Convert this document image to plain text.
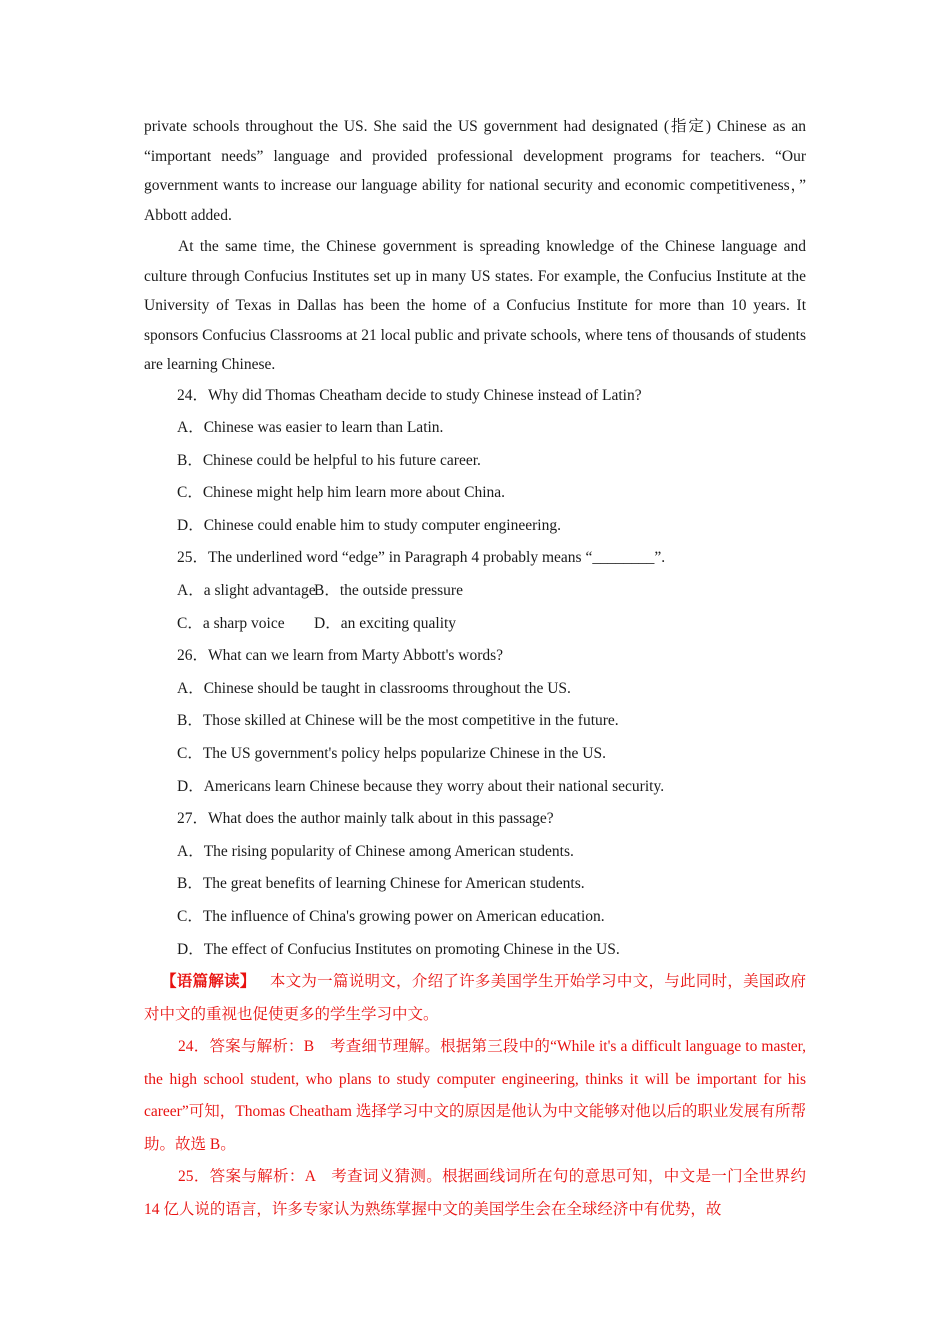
private schools throughout the US. She said the US government had designated (指定) Chinese as an “important needs” language and provided professional development programs for teachers. “Our government wants to increase our language ability for national security and economic competitiveness，” Abbott added.

At the same time, the Chinese government is spreading knowledge of the Chinese language and culture through Confucius Institutes set up in many US states. For example, the Confucius Institute at the University of Texas in Dallas has been the home of a Confucius Institute for more than 10 years. It sponsors Confucius Classrooms at 21 local public and private schools, where tens of thousands of students are learning Chinese.

24．Why did Thomas Cheatham decide to study Chinese instead of Latin?

A．Chinese was easier to learn than Latin.

B．Chinese could be helpful to his future career.

C．Chinese might help him learn more about China.

D．Chinese could enable him to study computer engineering.

25．The underlined word “edge” in Paragraph 4 probably means “________”.

A．a slight advantage
B．the outside pressure

C．a sharp voice	D．an exciting quality

26．What can we learn from Marty Abbott's words?

A．Chinese should be taught in classrooms throughout the US.

B．Those skilled at Chinese will be the most competitive in the future.

C．The US government's policy helps popularize Chinese in the US.

D．Americans learn Chinese because they worry about their national security.

27．What does the author mainly talk about in this passage?

A．The rising popularity of Chinese among American students.

B．The great benefits of learning Chinese for American students.

C．The influence of China's growing power on American education.

D．The effect of Confucius Institutes on promoting Chinese in the US.

【语篇解读】 本文为一篇说明文，介绍了许多美国学生开始学习中文，与此同时，美国政府对中文的重视也促使更多的学生学习中文。

24．答案与解析：B　考查细节理解。根据第三段中的“While it's a difficult language to master, the high school student, who plans to study computer engineering, thinks it will be important for his career”可知，Thomas Cheatham 选择学习中文的原因是他认为中文能够对他以后的职业发展有所帮助。故选 B。

25．答案与解析：A　考查词义猜测。根据画线词所在句的意思可知，中文是一门全世界约 14 亿人说的语言，许多专家认为熟练掌握中文的美国学生会在全球经济中有优势，故
